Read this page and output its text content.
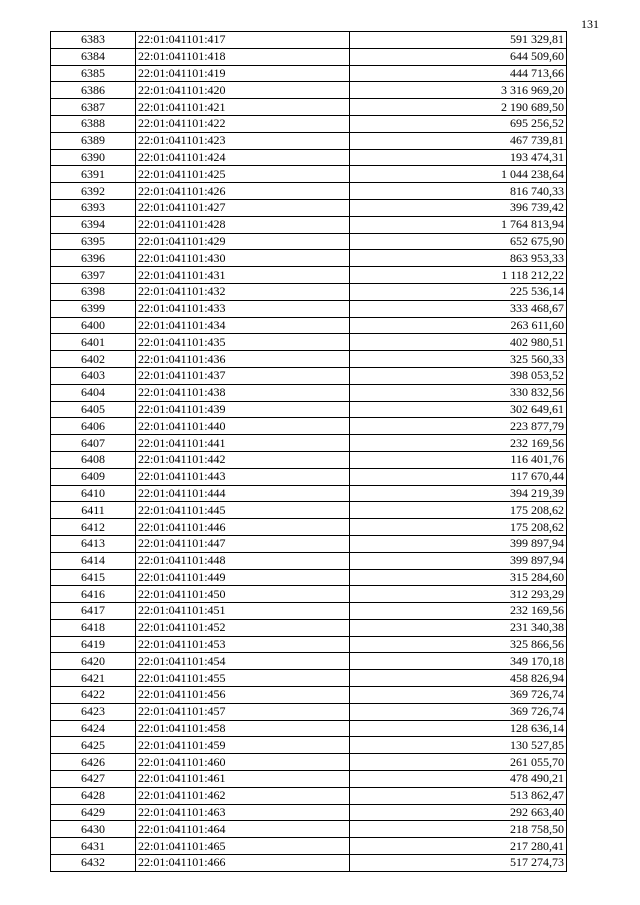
131
6383	22:01:041101:417	591 329,81
6384	22:01:041101:418	644 509,60
6385	22:01:041101:419	444 713,66
6386	22:01:041101:420	3 316 969,20
6387	22:01:041101:421	2 190 689,50
6388	22:01:041101:422	695 256,52
6389	22:01:041101:423	467 739,81
6390	22:01:041101:424	193 474,31
6391	22:01:041101:425	1 044 238,64
6392	22:01:041101:426	816 740,33
6393	22:01:041101:427	396 739,42
6394	22:01:041101:428	1 764 813,94
6395	22:01:041101:429	652 675,90
6396	22:01:041101:430	863 953,33
6397	22:01:041101:431	1 118 212,22
6398	22:01:041101:432	225 536,14
6399	22:01:041101:433	333 468,67
6400	22:01:041101:434	263 611,60
6401	22:01:041101:435	402 980,51
6402	22:01:041101:436	325 560,33
6403	22:01:041101:437	398 053,52
6404	22:01:041101:438	330 832,56
6405	22:01:041101:439	302 649,61
6406	22:01:041101:440	223 877,79
6407	22:01:041101:441	232 169,56
6408	22:01:041101:442	116 401,76
6409	22:01:041101:443	117 670,44
6410	22:01:041101:444	394 219,39
6411	22:01:041101:445	175 208,62
6412	22:01:041101:446	175 208,62
6413	22:01:041101:447	399 897,94
6414	22:01:041101:448	399 897,94
6415	22:01:041101:449	315 284,60
6416	22:01:041101:450	312 293,29
6417	22:01:041101:451	232 169,56
6418	22:01:041101:452	231 340,38
6419	22:01:041101:453	325 866,56
6420	22:01:041101:454	349 170,18
6421	22:01:041101:455	458 826,94
6422	22:01:041101:456	369 726,74
6423	22:01:041101:457	369 726,74
6424	22:01:041101:458	128 636,14
6425	22:01:041101:459	130 527,85
6426	22:01:041101:460	261 055,70
6427	22:01:041101:461	478 490,21
6428	22:01:041101:462	513 862,47
6429	22:01:041101:463	292 663,40
6430	22:01:041101:464	218 758,50
6431	22:01:041101:465	217 280,41
6432	22:01:041101:466	517 274,73
